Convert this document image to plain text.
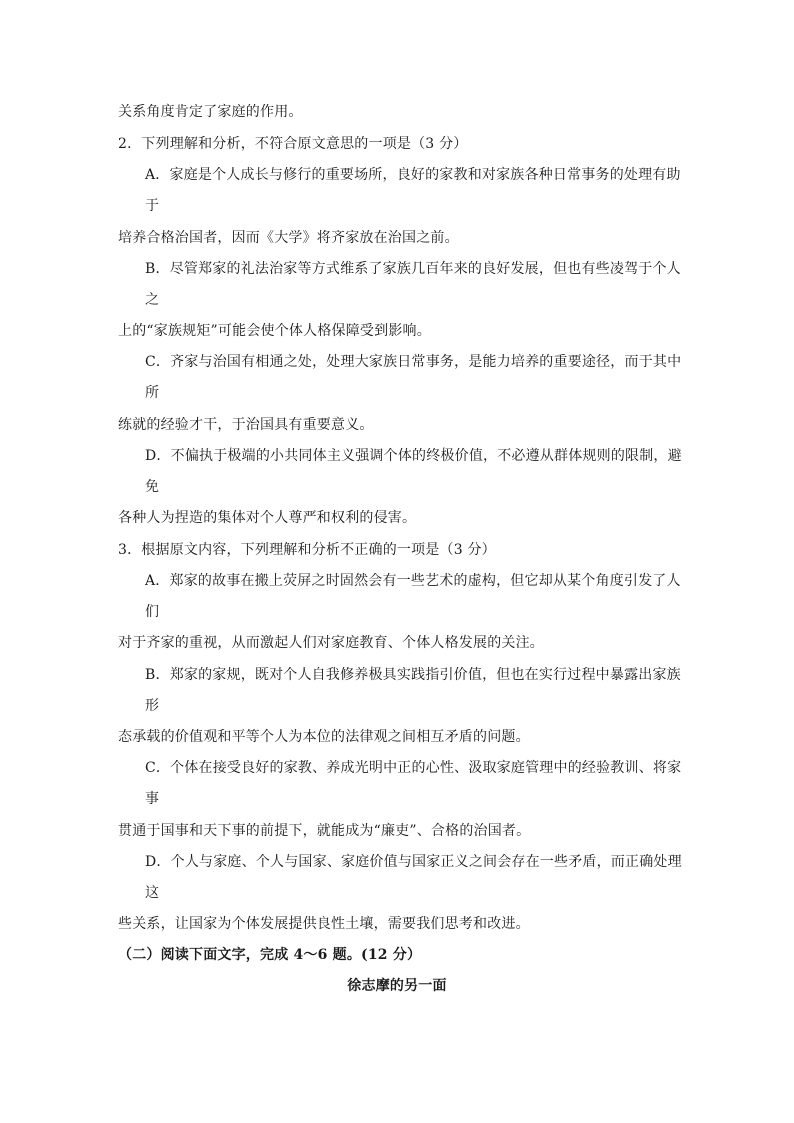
关系角度肯定了家庭的作用。
2．下列理解和分析，不符合原文意思的一项是（3 分）
A．家庭是个人成长与修行的重要场所，良好的家教和对家族各种日常事务的处理有助
于
培养合格治国者，因而《大学》将齐家放在治国之前。
B．尽管郑家的礼法治家等方式维系了家族几百年来的良好发展，但也有些凌驾于个人
之
上的“家族规矩”可能会使个体人格保障受到影响。
C．齐家与治国有相通之处，处理大家族日常事务，是能力培养的重要途径，而于其中
所
练就的经验才干，于治国具有重要意义。
D．不偏执于极端的小共同体主义强调个体的终极价值，不必遵从群体规则的限制，避
免
各种人为捏造的集体对个人尊严和权利的侵害。
3．根据原文内容，下列理解和分析不正确的一项是（3 分）
A．郑家的故事在搬上荧屏之时固然会有一些艺术的虚构，但它却从某个角度引发了人
们
对于齐家的重视，从而激起人们对家庭教育、个体人格发展的关注。
B．郑家的家规，既对个人自我修养极具实践指引价值，但也在实行过程中暴露出家族
形
态承载的价值观和平等个人为本位的法律观之间相互矛盾的问题。
C．个体在接受良好的家教、养成光明中正的心性、汲取家庭管理中的经验教训、将家
事
贯通于国事和天下事的前提下，就能成为“廉吏”、合格的治国者。
D．个人与家庭、个人与国家、家庭价值与国家正义之间会存在一些矛盾，而正确处理
这
些关系，让国家为个体发展提供良性土壤，需要我们思考和改进。
（二）阅读下面文字，完成 4～6 题。(12 分）
徐志摩的另一面
